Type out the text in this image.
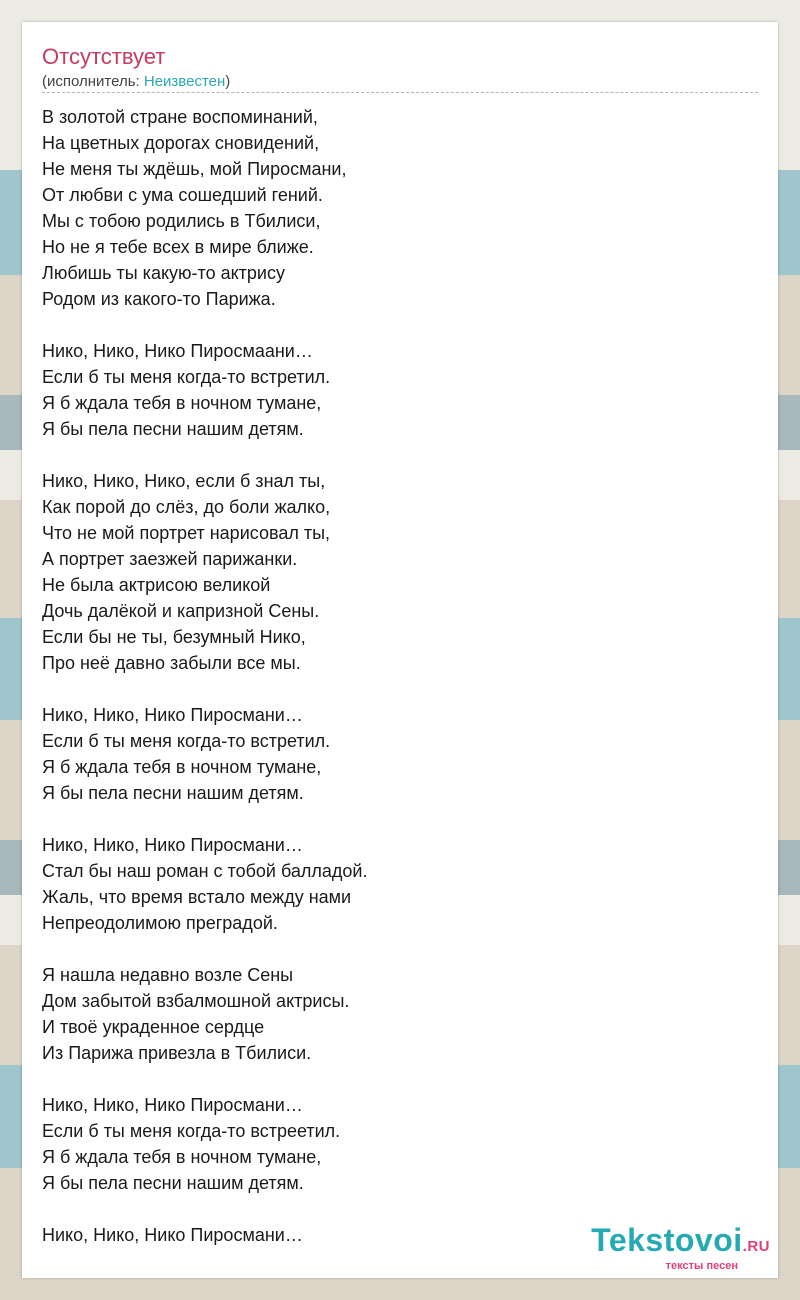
Отсутствует
(исполнитель: Неизвестен)
В золотой стране воспоминаний,
На цветных дорогах сновидений,
Не меня ты ждёшь, мой Пиросмани,
От любви с ума сошедший гений.
Мы с тобою родились в Тбилиси,
Но не я тебе всех в мире ближе.
Любишь ты какую-то актрису
Родом из какого-то Парижа.
Нико, Нико, Нико Пиросмаани…
Если б ты меня когда-то встретил.
Я б ждала тебя в ночном тумане,
Я бы пела песни нашим детям.
Нико, Нико, Нико, если б знал ты,
Как порой до слёз, до боли жалко,
Что не мой портрет нарисовал ты,
А портрет заезжей парижанки.
Не была актрисою великой
Дочь далёкой и капризной Сены.
Если бы не ты, безумный Нико,
Про неё давно забыли все мы.
Нико, Нико, Нико Пиросмани…
Если б ты меня когда-то встретил.
Я б ждала тебя в ночном тумане,
Я бы пела песни нашим детям.
Нико, Нико, Нико Пиросмани…
Стал бы наш роман с тобой балладой.
Жаль, что время встало между нами
Непреодолимою преградой.
Я нашла недавно возле Сены
Дом забытой взбалмошной актрисы.
И твоё украденное сердце
Из Парижа привезла в Тбилиси.
Нико, Нико, Нико Пиросмани…
Если б ты меня когда-то встреетил.
Я б ждала тебя в ночном тумане,
Я бы пела песни нашим детям.
Нико, Нико, Нико Пиросмани…	Tekstovoi.RU
тексты песен
